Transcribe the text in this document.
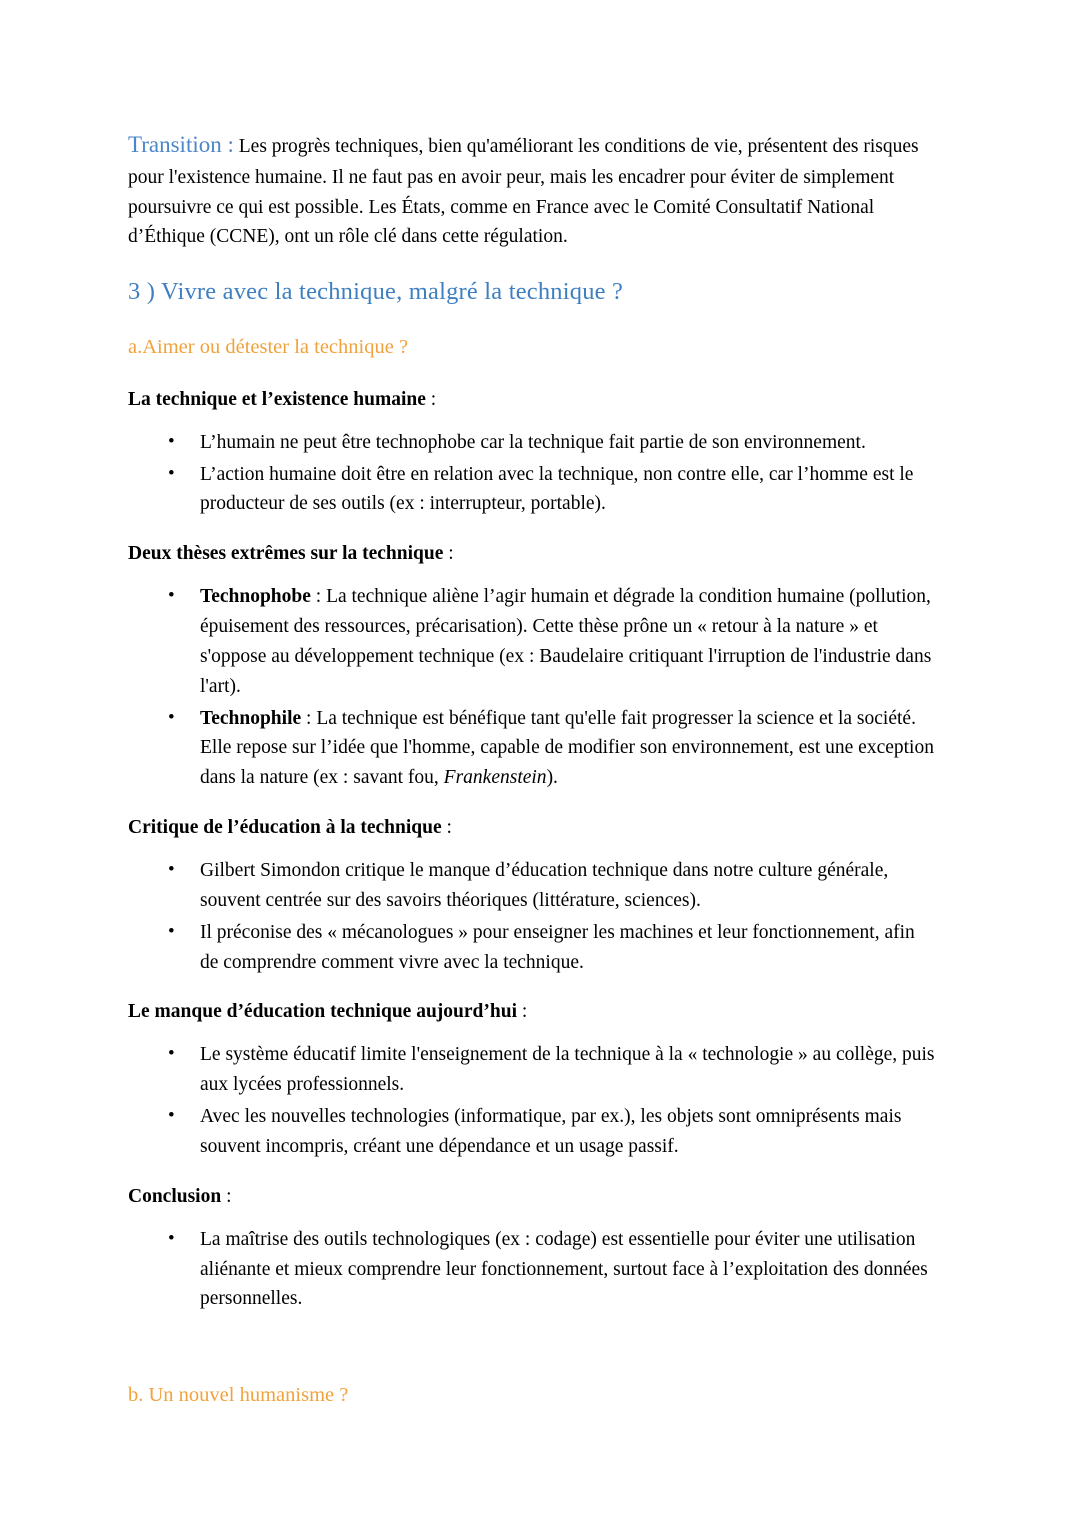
Transition : Les progrès techniques, bien qu'améliorant les conditions de vie, présentent des risques pour l'existence humaine. Il ne faut pas en avoir peur, mais les encadrer pour éviter de simplement poursuivre ce qui est possible. Les États, comme en France avec le Comité Consultatif National d’Éthique (CCNE), ont un rôle clé dans cette régulation.

3 ) Vivre avec la technique, malgré la technique ?
a.Aimer ou détester la technique ?
La technique et l’existence humaine :
• L’humain ne peut être technophobe car la technique fait partie de son environnement.
• L’action humaine doit être en relation avec la technique, non contre elle, car l’homme est le producteur de ses outils (ex : interrupteur, portable).
Deux thèses extrêmes sur la technique :
• Technophobe : La technique aliène l’agir humain et dégrade la condition humaine (pollution, épuisement des ressources, précarisation). Cette thèse prône un « retour à la nature » et s'oppose au développement technique (ex : Baudelaire critiquant l'irruption de l'industrie dans l'art).
• Technophile : La technique est bénéfique tant qu'elle fait progresser la science et la société. Elle repose sur l’idée que l'homme, capable de modifier son environnement, est une exception dans la nature (ex : savant fou, Frankenstein).
Critique de l’éducation à la technique :
• Gilbert Simondon critique le manque d’éducation technique dans notre culture générale, souvent centrée sur des savoirs théoriques (littérature, sciences).
• Il préconise des « mécanologues » pour enseigner les machines et leur fonctionnement, afin de comprendre comment vivre avec la technique.
Le manque d’éducation technique aujourd’hui :
• Le système éducatif limite l'enseignement de la technique à la « technologie » au collège, puis aux lycées professionnels.
• Avec les nouvelles technologies (informatique, par ex.), les objets sont omniprésents mais souvent incompris, créant une dépendance et un usage passif.
Conclusion :
• La maîtrise des outils technologiques (ex : codage) est essentielle pour éviter une utilisation aliénante et mieux comprendre leur fonctionnement, surtout face à l’exploitation des données personnelles.
b. Un nouvel humanisme ?
